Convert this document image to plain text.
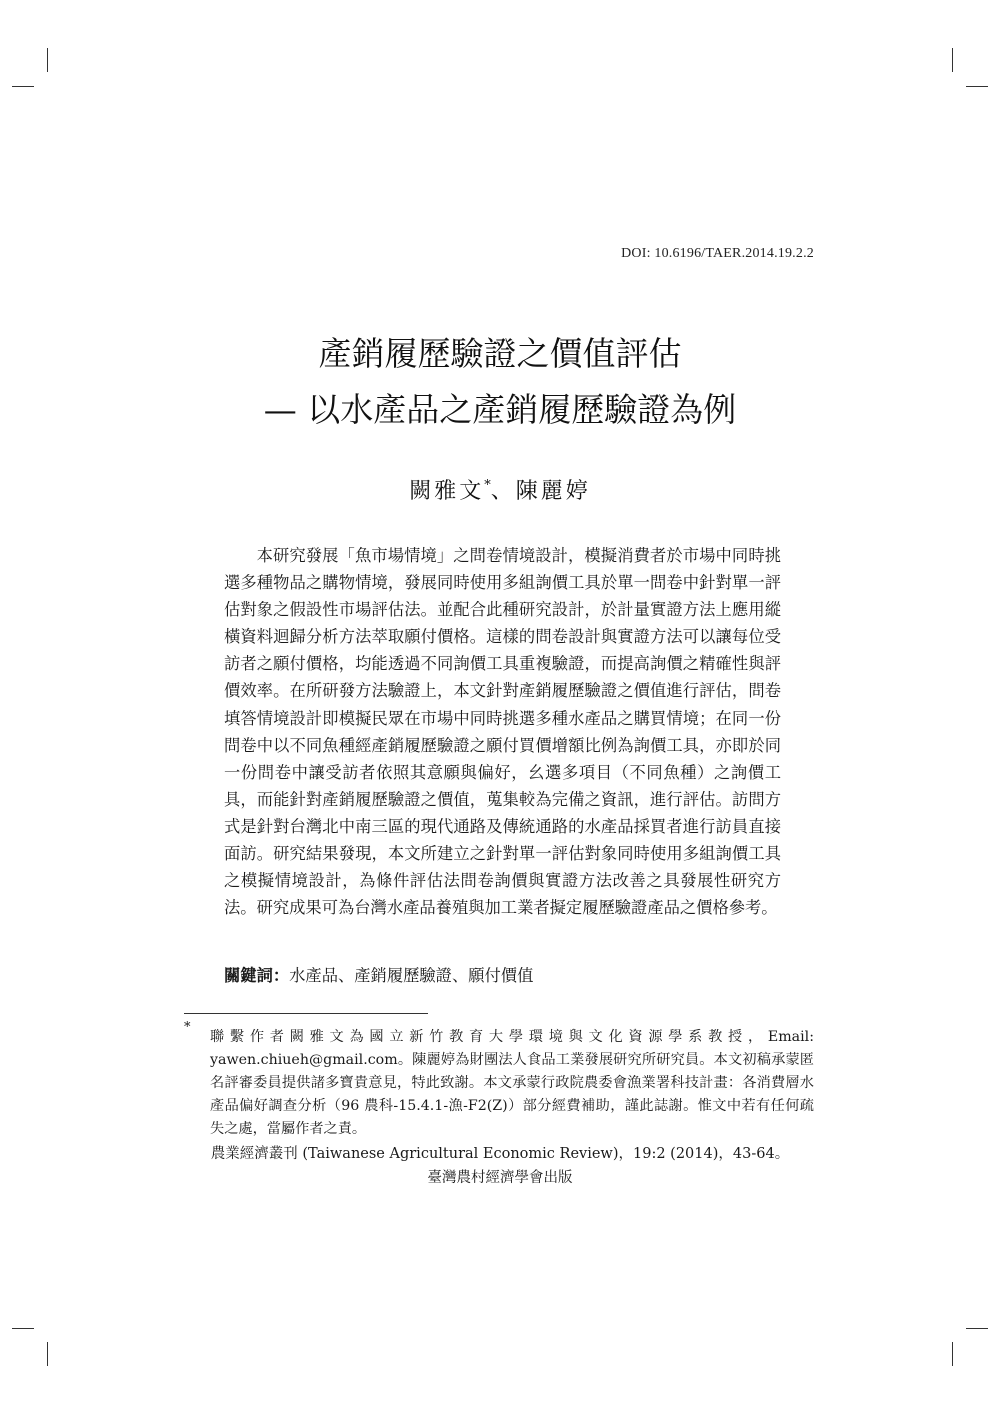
DOI: 10.6196/TAER.2014.19.2.2
產銷履歷驗證之價值評估
— 以水產品之產銷履歷驗證為例
闕雅文*、陳麗婷
本研究發展「魚市場情境」之問卷情境設計，模擬消費者於市場中同時挑選多種物品之購物情境，發展同時使用多組詢價工具於單一問卷中針對單一評估對象之假設性市場評估法。並配合此種研究設計，於計量實證方法上應用縱橫資料迴歸分析方法萃取願付價格。這樣的問卷設計與實證方法可以讓每位受訪者之願付價格，均能透過不同詢價工具重複驗證，而提高詢價之精確性與評價效率。在所研發方法驗證上，本文針對產銷履歷驗證之價值進行評估，問卷填答情境設計即模擬民眾在市場中同時挑選多種水產品之購買情境；在同一份問卷中以不同魚種經產銷履歷驗證之願付買價增額比例為詢價工具，亦即於同一份問卷中讓受訪者依照其意願與偏好，幺選多項目（不同魚種）之詢價工具，而能針對產銷履歷驗證之價值，蒐集較為完備之資訊，進行評估。訪問方式是針對台灣北中南三區的現代通路及傳統通路的水產品採買者進行訪員直接面訪。研究結果發現，本文所建立之針對單一評估對象同時使用多組詢價工具之模擬情境設計，為條件評估法問卷詢價與實證方法改善之具發展性研究方法。研究成果可為台灣水產品養殖與加工業者擬定履歷驗證產品之價格參考。
關鍵詞：水產品、產銷履歷驗證、願付價值
*
聯繫作者闕雅文為國立新竹教育大學環境與文化資源學系教授，Email: yawen.chiueh@gmail.com。陳麗婷為財團法人食品工業發展研究所研究員。本文初稿承蒙匿名評審委員提供諸多寶貴意見，特此致謝。本文承蒙行政院農委會漁業署科技計畫：各消費層水產品偏好調查分析（96 農科-15.4.1-漁-F2(Z)）部分經費補助，謹此誌謝。惟文中若有任何疏失之處，當屬作者之責。
農業經濟叢刊 (Taiwanese Agricultural Economic Review)，19:2 (2014)，43-64。
臺灣農村經濟學會出版
